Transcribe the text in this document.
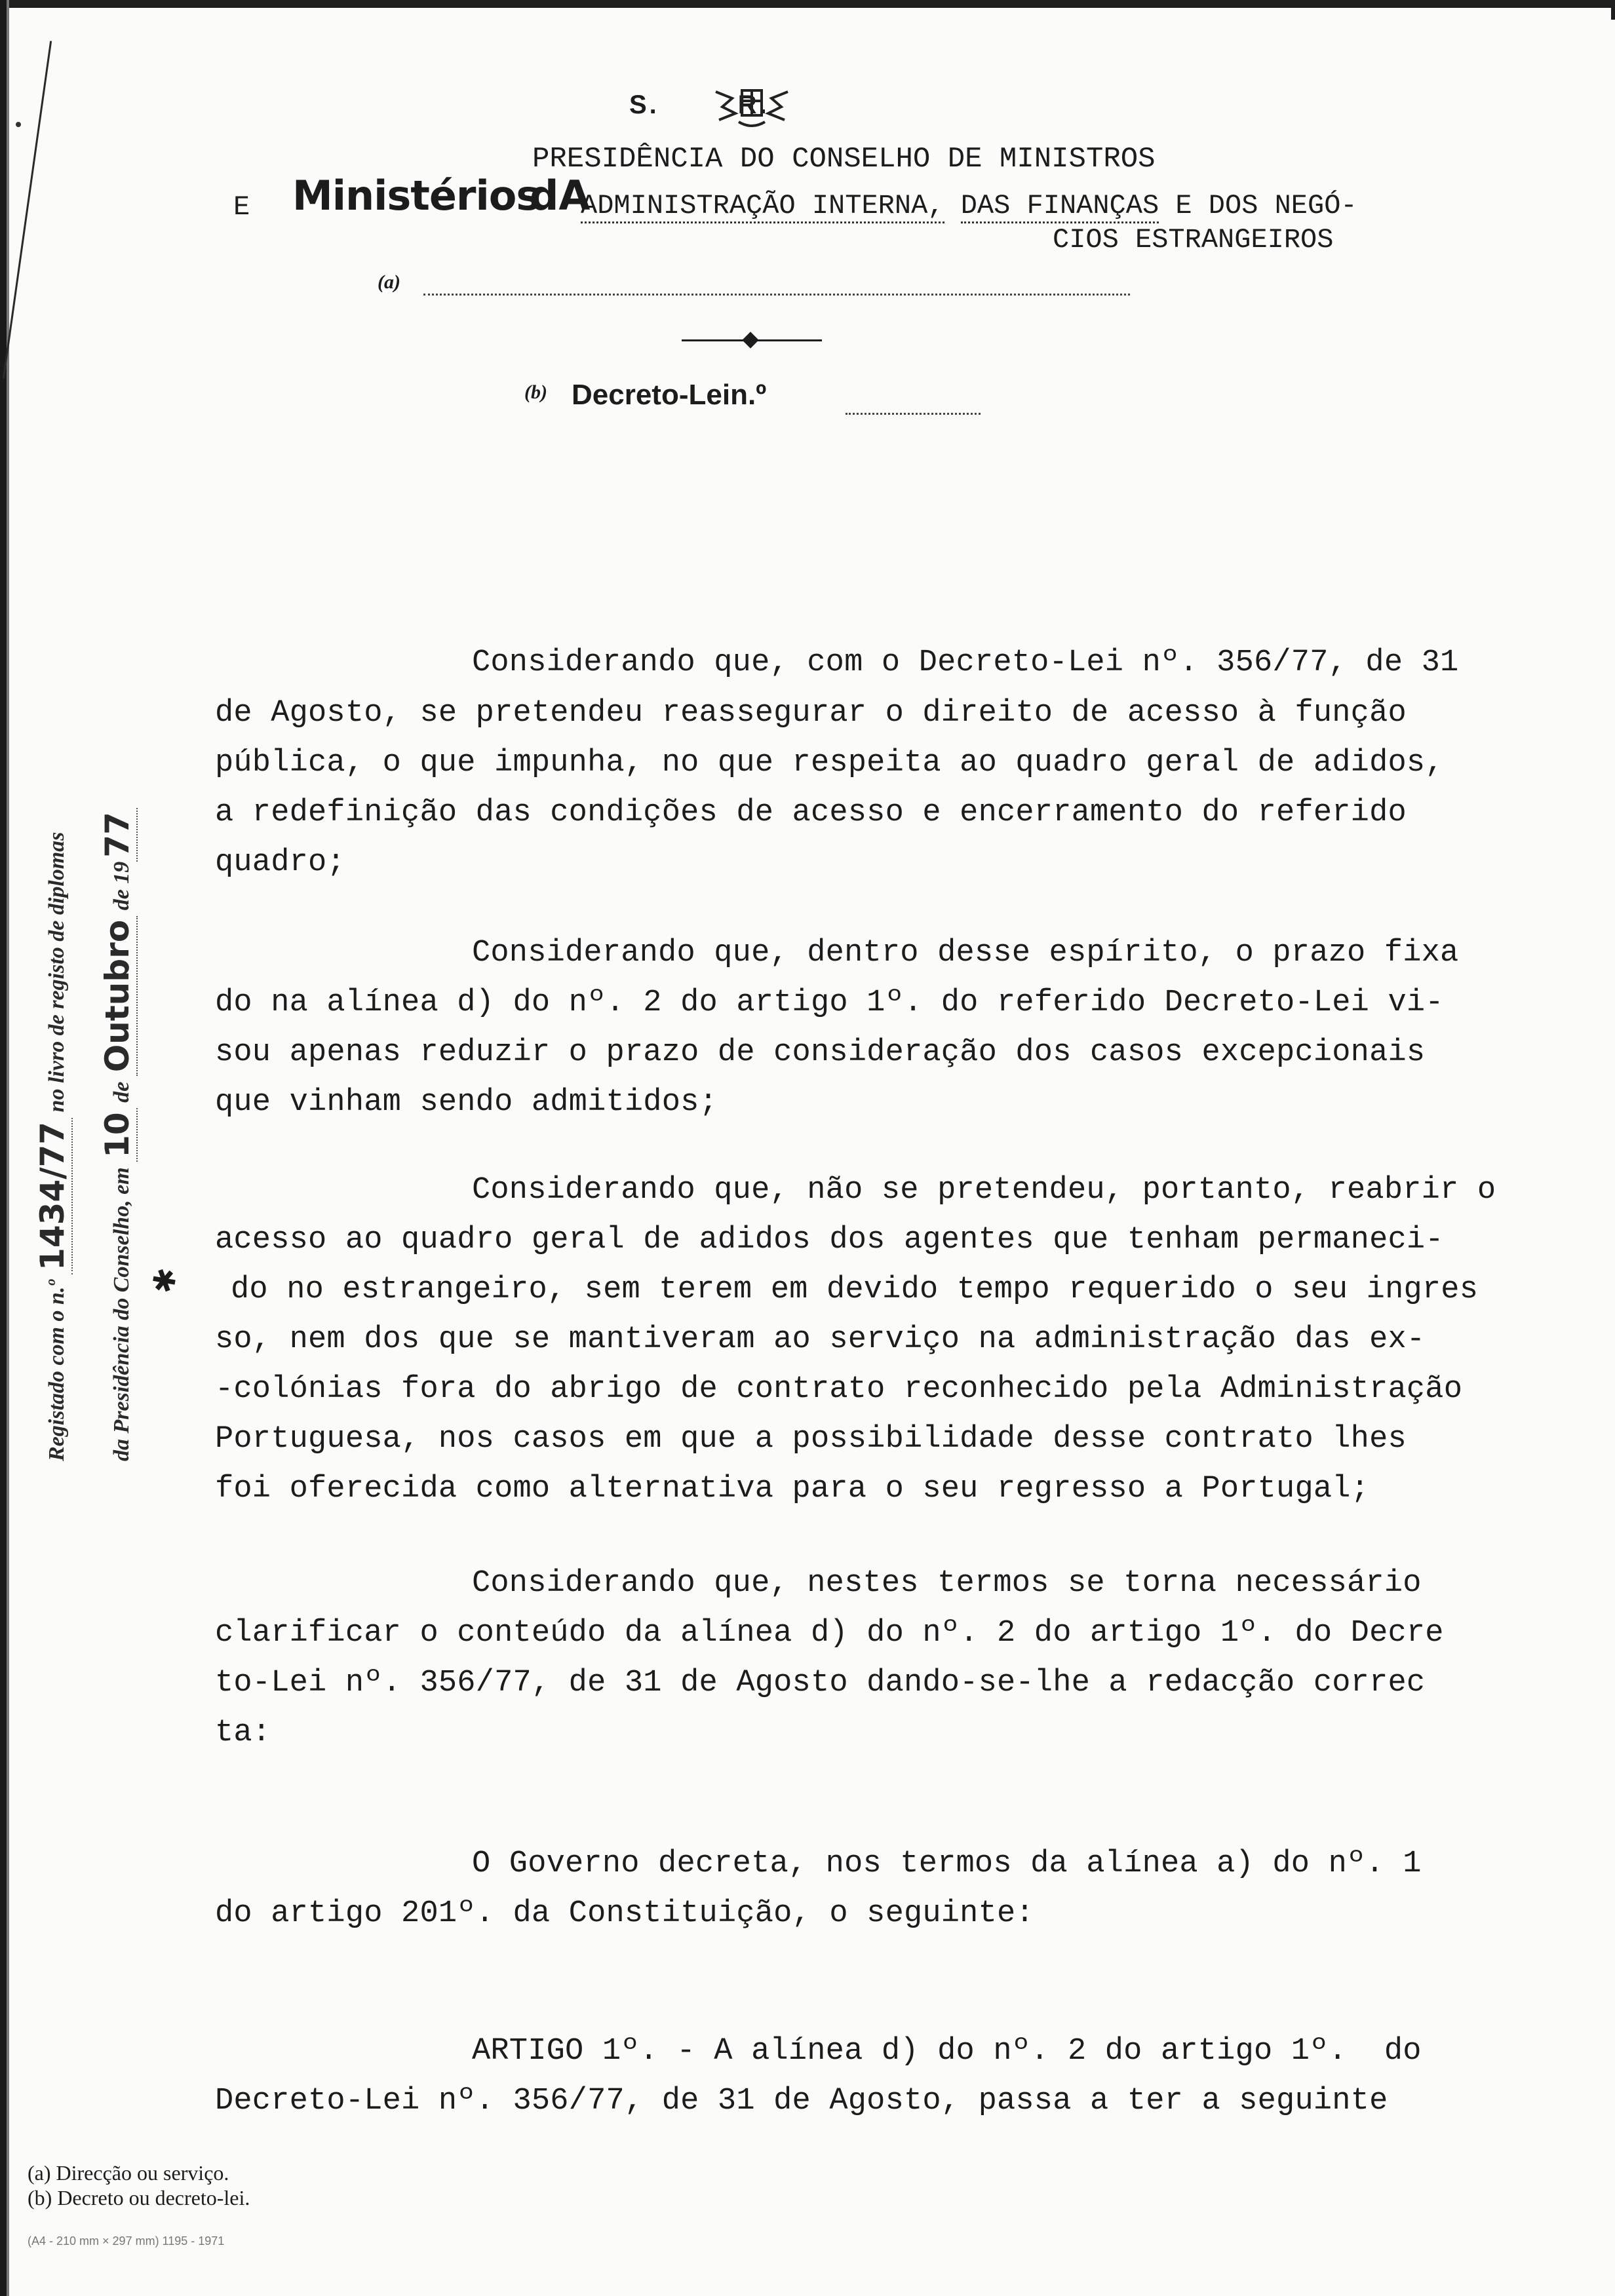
S.	R.
PRESIDÊNCIA DO CONSELHO DE MINISTROS
E Ministérios
dA
ADMINISTRAÇÃO INTERNA, DAS FINANÇAS E DOS NEGÓ-
CIOS ESTRANGEIROS
(a)
(b) Decreto-Lein.º
Registado com o n.º 1434/77 no livro de registo de diplomas
da Presidência do Conselho, em 10 de Outubro de 1977
✱
Considerando que, com o Decreto-Lei nº. 356/77, de 31
de Agosto, se pretendeu reassegurar o direito de acesso à função
pública, o que impunha, no que respeita ao quadro geral de adidos,
a redefinição das condições de acesso e encerramento do referido
quadro;
Considerando que, dentro desse espírito, o prazo fixa
do na alínea d) do nº. 2 do artigo 1º. do referido Decreto-Lei vi-
sou apenas reduzir o prazo de consideração dos casos excepcionais
que vinham sendo admitidos;
Considerando que, não se pretendeu, portanto, reabrir o
acesso ao quadro geral de adidos dos agentes que tenham permaneci-
do no estrangeiro, sem terem em devido tempo requerido o seu ingres
so, nem dos que se mantiveram ao serviço na administração das ex-
-colónias fora do abrigo de contrato reconhecido pela Administração
Portuguesa, nos casos em que a possibilidade desse contrato lhes
foi oferecida como alternativa para o seu regresso a Portugal;
Considerando que, nestes termos se torna necessário
clarificar o conteúdo da alínea d) do nº. 2 do artigo 1º. do Decre
to-Lei nº. 356/77, de 31 de Agosto dando-se-lhe a redacção correc
ta:
O Governo decreta, nos termos da alínea a) do nº. 1
do artigo 201º. da Constituição, o seguinte:
ARTIGO 1º. - A alínea d) do nº. 2 do artigo 1º.  do
Decreto-Lei nº. 356/77, de 31 de Agosto, passa a ter a seguinte
(a) Direcção ou serviço.
(b) Decreto ou decreto-lei.
(A4 - 210 mm × 297 mm) 1195 - 1971
